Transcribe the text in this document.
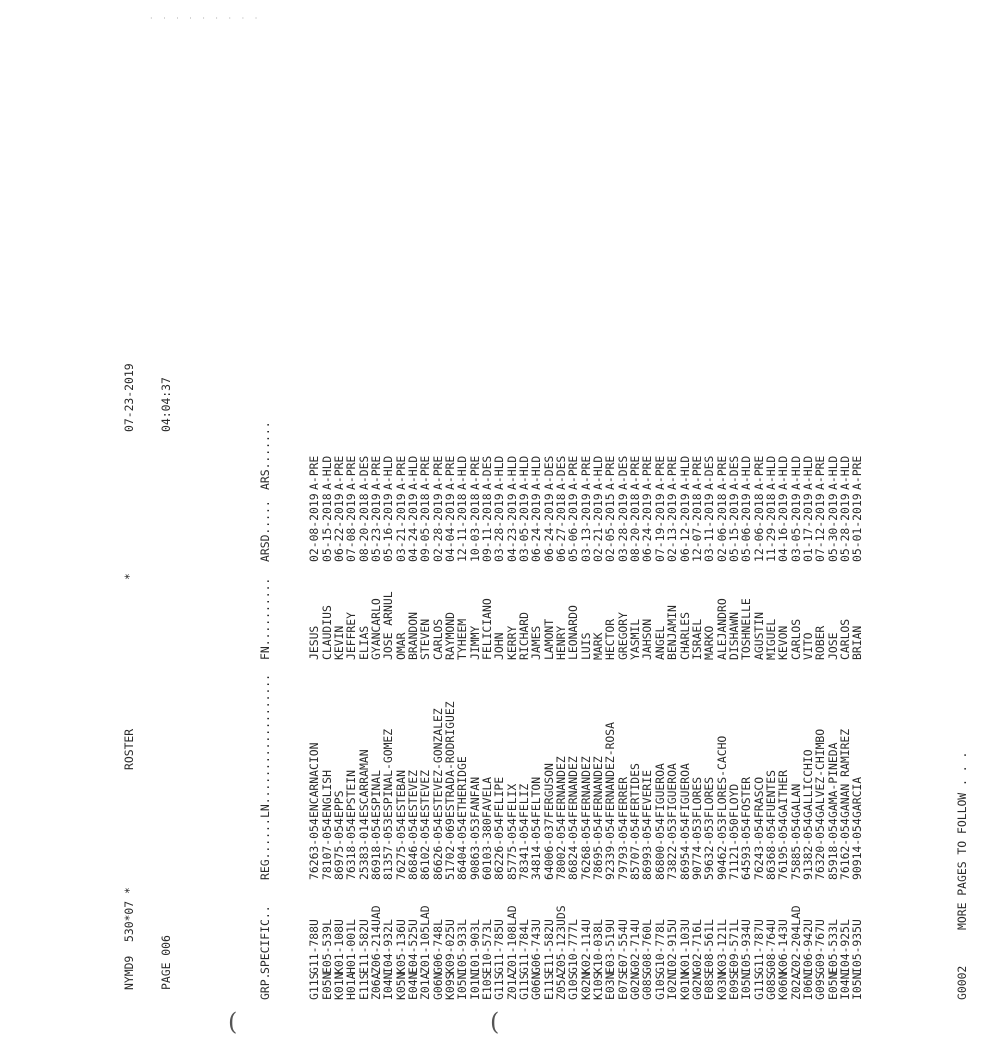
· · · · · · · · ·
(	(

NYMD9  530*07 *
ROSTER
*
07-23-2019

PAGE 006
04:04:37

GRP.
SPECIFIC..
REG......
LN...................
FN..........
ARSD.....
ARS.......

G11S
G11-788U
76263-054
ENCARNACION
JESUS
02-08-2019
A-PRE
E05N
E05-539L
78107-054
ENGLISH
CLAUDIUS
05-15-2018
A-HLD
K01N
K01-108U
86975-054
EPPS
KEVIN
06-22-2019
A-PRE
H01A
H01-001L
76318-054
EPSTEIN
JEFFREY
07-08-2019
A-PRE
E11S
E11-582U
25383-014
ESCARRAMAN
ELIAS
08-20-2018
A-DES
Z06A
Z06-214UAD
86918-054
ESPINAL
GYANCARLO
05-23-2019
A-PRE
I04N
I04-932L
81357-053
ESPINAL-GOMEZ
JOSE ARNUL
05-16-2019
A-HLD
K05N
K05-136U
76275-054
ESTEBAN
OMAR
03-21-2019
A-PRE
E04N
E04-525U
86846-054
ESTEVEZ
BRANDON
04-24-2019
A-HLD
Z01A
Z01-105LAD
86102-054
ESTEVEZ
STEVEN
09-05-2018
A-PRE
G06N
G06-748L
86626-054
ESTEVEZ-GONZALEZ
CARLOS
02-28-2019
A-PRE
K09S
K09-025U
51702-069
ESTRADA-RODRIGUEZ
RAYMOND
04-04-2019
A-PRE
I05N
I05-933L
86404-054
ETHERIDGE
TYHEEM
12-11-2018
A-HLD
I01N
I01-903L
90863-053
FANFAN
JIMMY
10-03-2018
A-PRE
E10S
E10-573L
60103-380
FAVELA
FELICIANO
09-11-2018
A-DES
G11S
G11-785U
86226-054
FELIPE
JOHN
03-28-2019
A-HLD
Z01A
Z01-108LAD
85775-054
FELIX
KERRY
04-23-2019
A-HLD
G11S
G11-784L
78341-054
FELIZ
RICHARD
03-05-2019
A-HLD
G06N
G06-743U
34814-054
FELTON
JAMES
06-24-2019
A-HLD
E11S
E11-582U
64006-037
FERGUSON
LAMONT
06-24-2019
A-DES
Z05A
Z05-123UDS
78002-054
FERNANDEZ
HENRY
06-27-2018
A-DES
G10S
G10-777L
86824-054
FERNANDEZ
LEONARDO
05-06-2019
A-PRE
K02N
K02-114U
76268-054
FERNANDEZ
LUIS
03-13-2019
A-PRE
K10S
K10-038L
78695-054
FERNANDEZ
MARK
02-21-2019
A-HLD
E03N
E03-519U
92339-054
FERNANDEZ-ROSA
HECTOR
02-05-2015
A-PRE
E07S
E07-554U
79793-054
FERRER
GREGORY
03-28-2019
A-DES
G02N
G02-714U
85707-054
FERTIDES
YASMIL
08-20-2018
A-PRE
G08S
G08-760L
86993-054
FEVERIE
JAHSON
06-24-2019
A-PRE
G10S
G10-778L
86800-054
FIGUEROA
ANGEL
07-19-2019
A-PRE
I02N
I02-915U
73822-053
FIGUEROA
BENJAMIN
02-13-2019
A-PRE
K01N
K01-103U
86954-054
FIGUEROA
CHARLES
06-12-2019
A-HLD
G02N
G02-716L
90774-053
FLORES
ISRAEL
12-07-2018
A-PRE
E08S
E08-561L
59632-053
FLORES
MARKO
03-11-2019
A-DES
K03N
K03-121L
90462-053
FLORES-CACHO
ALEJANDRO
02-06-2018
A-PRE
E09S
E09-571L
71121-050
FLOYD
DISHAWN
05-15-2019
A-DES
I05N
I05-934U
64593-054
FOSTER
TOSHNELLE
05-06-2019
A-HLD
G11S
G11-787U
76243-054
FRASCO
AGUSTIN
12-06-2018
A-PRE
G08S
G08-764U
86368-054
FUENTES
MIGUEL
11-29-2018
A-HLD
K06N
K06-143U
76195-054
GAITHER
KEVON
04-16-2019
A-HLD
Z02A
Z02-204LAD
75885-054
GALAN
CARLOS
03-05-2019
A-HLD
I06N
I06-942U
91382-054
GALLICCHIO
VITO
01-17-2019
A-HLD
G09S
G09-767U
76320-054
GALVEZ-CHIMBO
ROBER
07-12-2019
A-PRE
E05N
E05-533L
85918-054
GAMA-PINEDA
JOSE
05-30-2019
A-HLD
I04N
I04-925L
76162-054
GANAN RAMIREZ
CARLOS
05-28-2019
A-HLD
I05N
I05-935U
90914-054
GARCIA
BRIAN
05-01-2019
A-PRE

G0002
MORE PAGES TO FOLLOW . . .
